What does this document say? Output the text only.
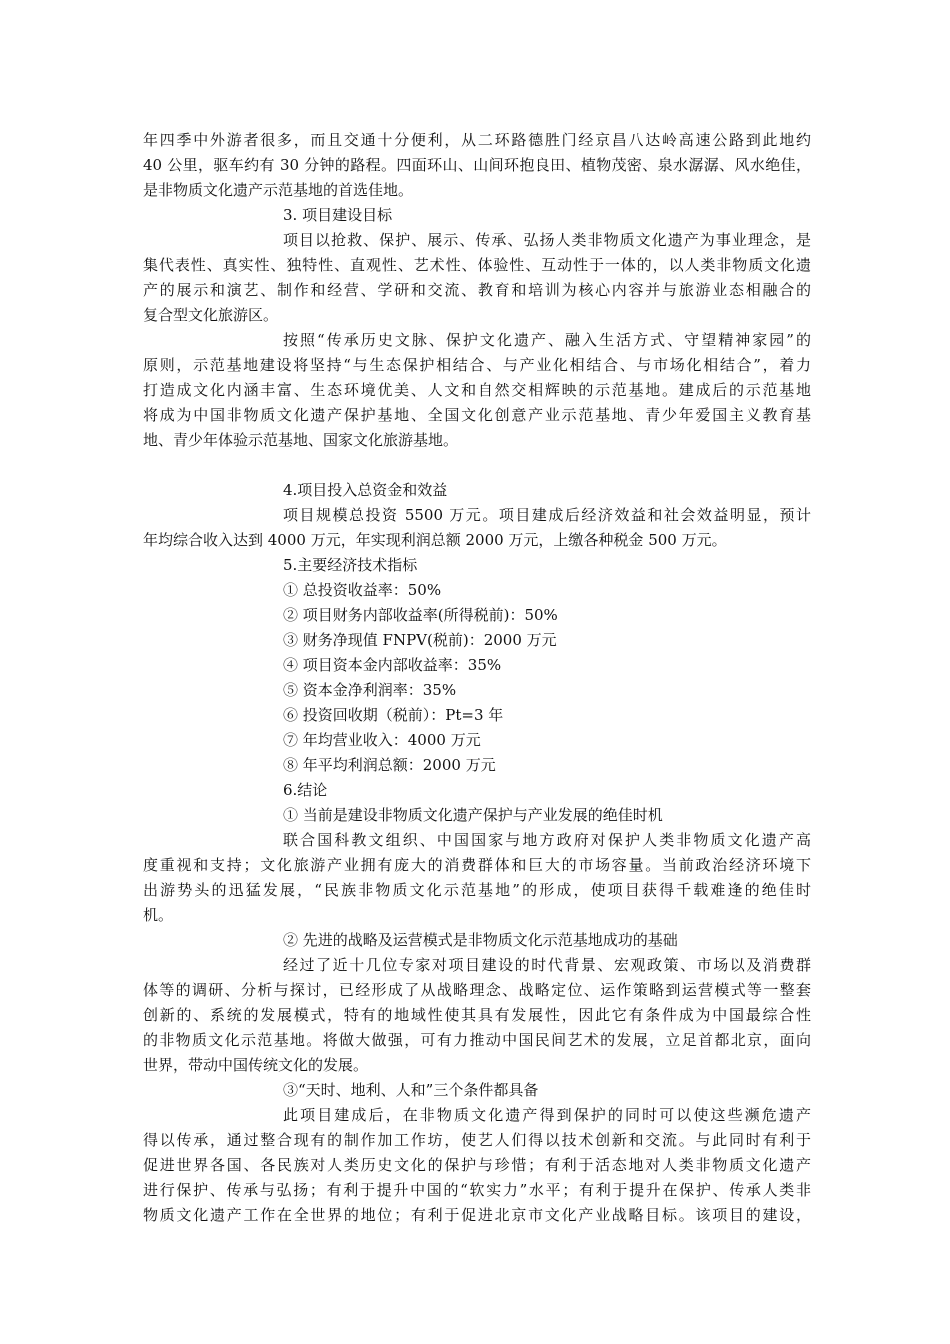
年四季中外游者很多，而且交通十分便利，从二环路德胜门经京昌八达岭高速公路到此地约
40 公里，驱车约有 30 分钟的路程。四面环山、山间环抱良田、植物茂密、泉水潺潺、风水绝佳，
是非物质文化遗产示范基地的首选佳地。
3. 项目建设目标
项目以抢救、保护、展示、传承、弘扬人类非物质文化遗产为事业理念，是
集代表性、真实性、独特性、直观性、艺术性、体验性、互动性于一体的，以人类非物质文化遗
产的展示和演艺、制作和经营、学研和交流、教育和培训为核心内容并与旅游业态相融合的
复合型文化旅游区。
按照“传承历史文脉、保护文化遗产、融入生活方式、守望精神家园”的
原则，示范基地建设将坚持“与生态保护相结合、与产业化相结合、与市场化相结合”，着力
打造成文化内涵丰富、生态环境优美、人文和自然交相辉映的示范基地。建成后的示范基地
将成为中国非物质文化遗产保护基地、全国文化创意产业示范基地、青少年爱国主义教育基
地、青少年体验示范基地、国家文化旅游基地。
4.项目投入总资金和效益
项目规模总投资 5500 万元。项目建成后经济效益和社会效益明显，预计
年均综合收入达到 4000 万元，年实现利润总额 2000 万元，上缴各种税金 500 万元。
5.主要经济技术指标
① 总投资收益率：50%
② 项目财务内部收益率(所得税前)：50%
③ 财务净现值 FNPV(税前)：2000 万元
④ 项目资本金内部收益率：35%
⑤ 资本金净利润率：35%
⑥ 投资回收期（税前）：Pt=3 年
⑦ 年均营业收入：4000 万元
⑧ 年平均利润总额：2000 万元
6.结论
① 当前是建设非物质文化遗产保护与产业发展的绝佳时机
联合国科教文组织、中国国家与地方政府对保护人类非物质文化遗产高
度重视和支持；文化旅游产业拥有庞大的消费群体和巨大的市场容量。当前政治经济环境下
出游势头的迅猛发展，“民族非物质文化示范基地”的形成，使项目获得千载难逢的绝佳时
机。
② 先进的战略及运营模式是非物质文化示范基地成功的基础
经过了近十几位专家对项目建设的时代背景、宏观政策、市场以及消费群
体等的调研、分析与探讨，已经形成了从战略理念、战略定位、运作策略到运营模式等一整套
创新的、系统的发展模式，特有的地域性使其具有发展性，因此它有条件成为中国最综合性
的非物质文化示范基地。将做大做强，可有力推动中国民间艺术的发展，立足首都北京，面向
世界，带动中国传统文化的发展。
③“天时、地利、人和”三个条件都具备
此项目建成后，在非物质文化遗产得到保护的同时可以使这些濒危遗产
得以传承，通过整合现有的制作加工作坊，使艺人们得以技术创新和交流。与此同时有利于
促进世界各国、各民族对人类历史文化的保护与珍惜；有利于活态地对人类非物质文化遗产
进行保护、传承与弘扬；有利于提升中国的“软实力”水平；有利于提升在保护、传承人类非
物质文化遗产工作在全世界的地位；有利于促进北京市文化产业战略目标。该项目的建设，
